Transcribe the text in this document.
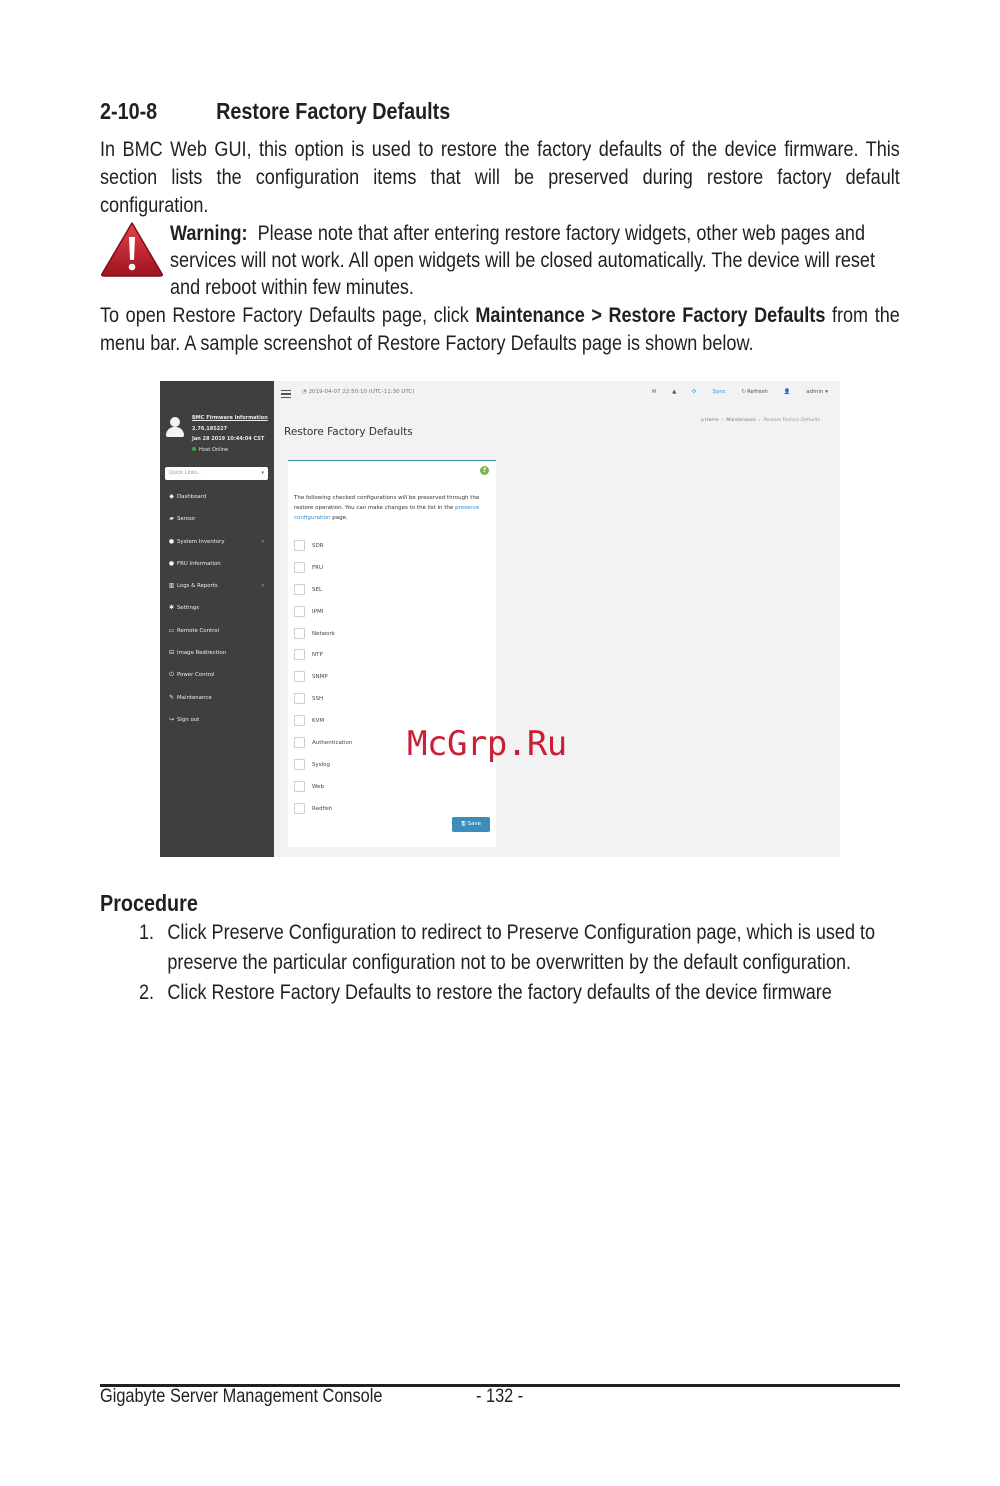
2-10-8	Restore Factory Defaults
In BMC Web GUI, this option is used to restore the factory defaults of the device firmware. This section lists the configuration items that will be preserved during restore factory default configuration.
Warning: Please note that after entering restore factory widgets, other web pages and services will not work. All open widgets will be closed automatically. The device will reset and reboot within few minutes.
To open Restore Factory Defaults page, click Maintenance > Restore Factory Defaults from the menu bar. A sample screenshot of Restore Factory Defaults page is shown below.
BMC Firmware Information
2.76.185227
Jan 28 2019 10:44:04 CST
Host Online
Quick Links..	▾
◆ Dashboard
▰ Sensor
● System Inventory	›
● FRU Information
▥ Logs & Reports	›
✱ Settings
▭ Remote Control
⊟ Image Redirection
⏻ Power Control
✎ Maintenance
↪ Sign out
◔ 2019-04-07 22:50:10 (UTC-11:30 UTC)	✉	▲	⟳	Sync	↻Refresh	👤	admin ▾
Restore Factory Defaults
⌂ Home  ›  Maintenance  ›  Restore Factory Defaults
?
The following checked configurations will be preserved through the restore operation. You can make changes to the list in the preserve configuration page.
SDR
FRU
SEL
IPMI
Network
NTP
SNMP
SSH
KVM
Authentication
Syslog
Web
Redfish
🖫 Save
McGrp.Ru
Procedure
1. Click Preserve Configuration to redirect to Preserve Configuration page, which is used to preserve the particular configuration not to be overwritten by the default configuration.
2. Click Restore Factory Defaults to restore the factory defaults of the device firmware
Gigabyte Server Management Console	- 132 -
